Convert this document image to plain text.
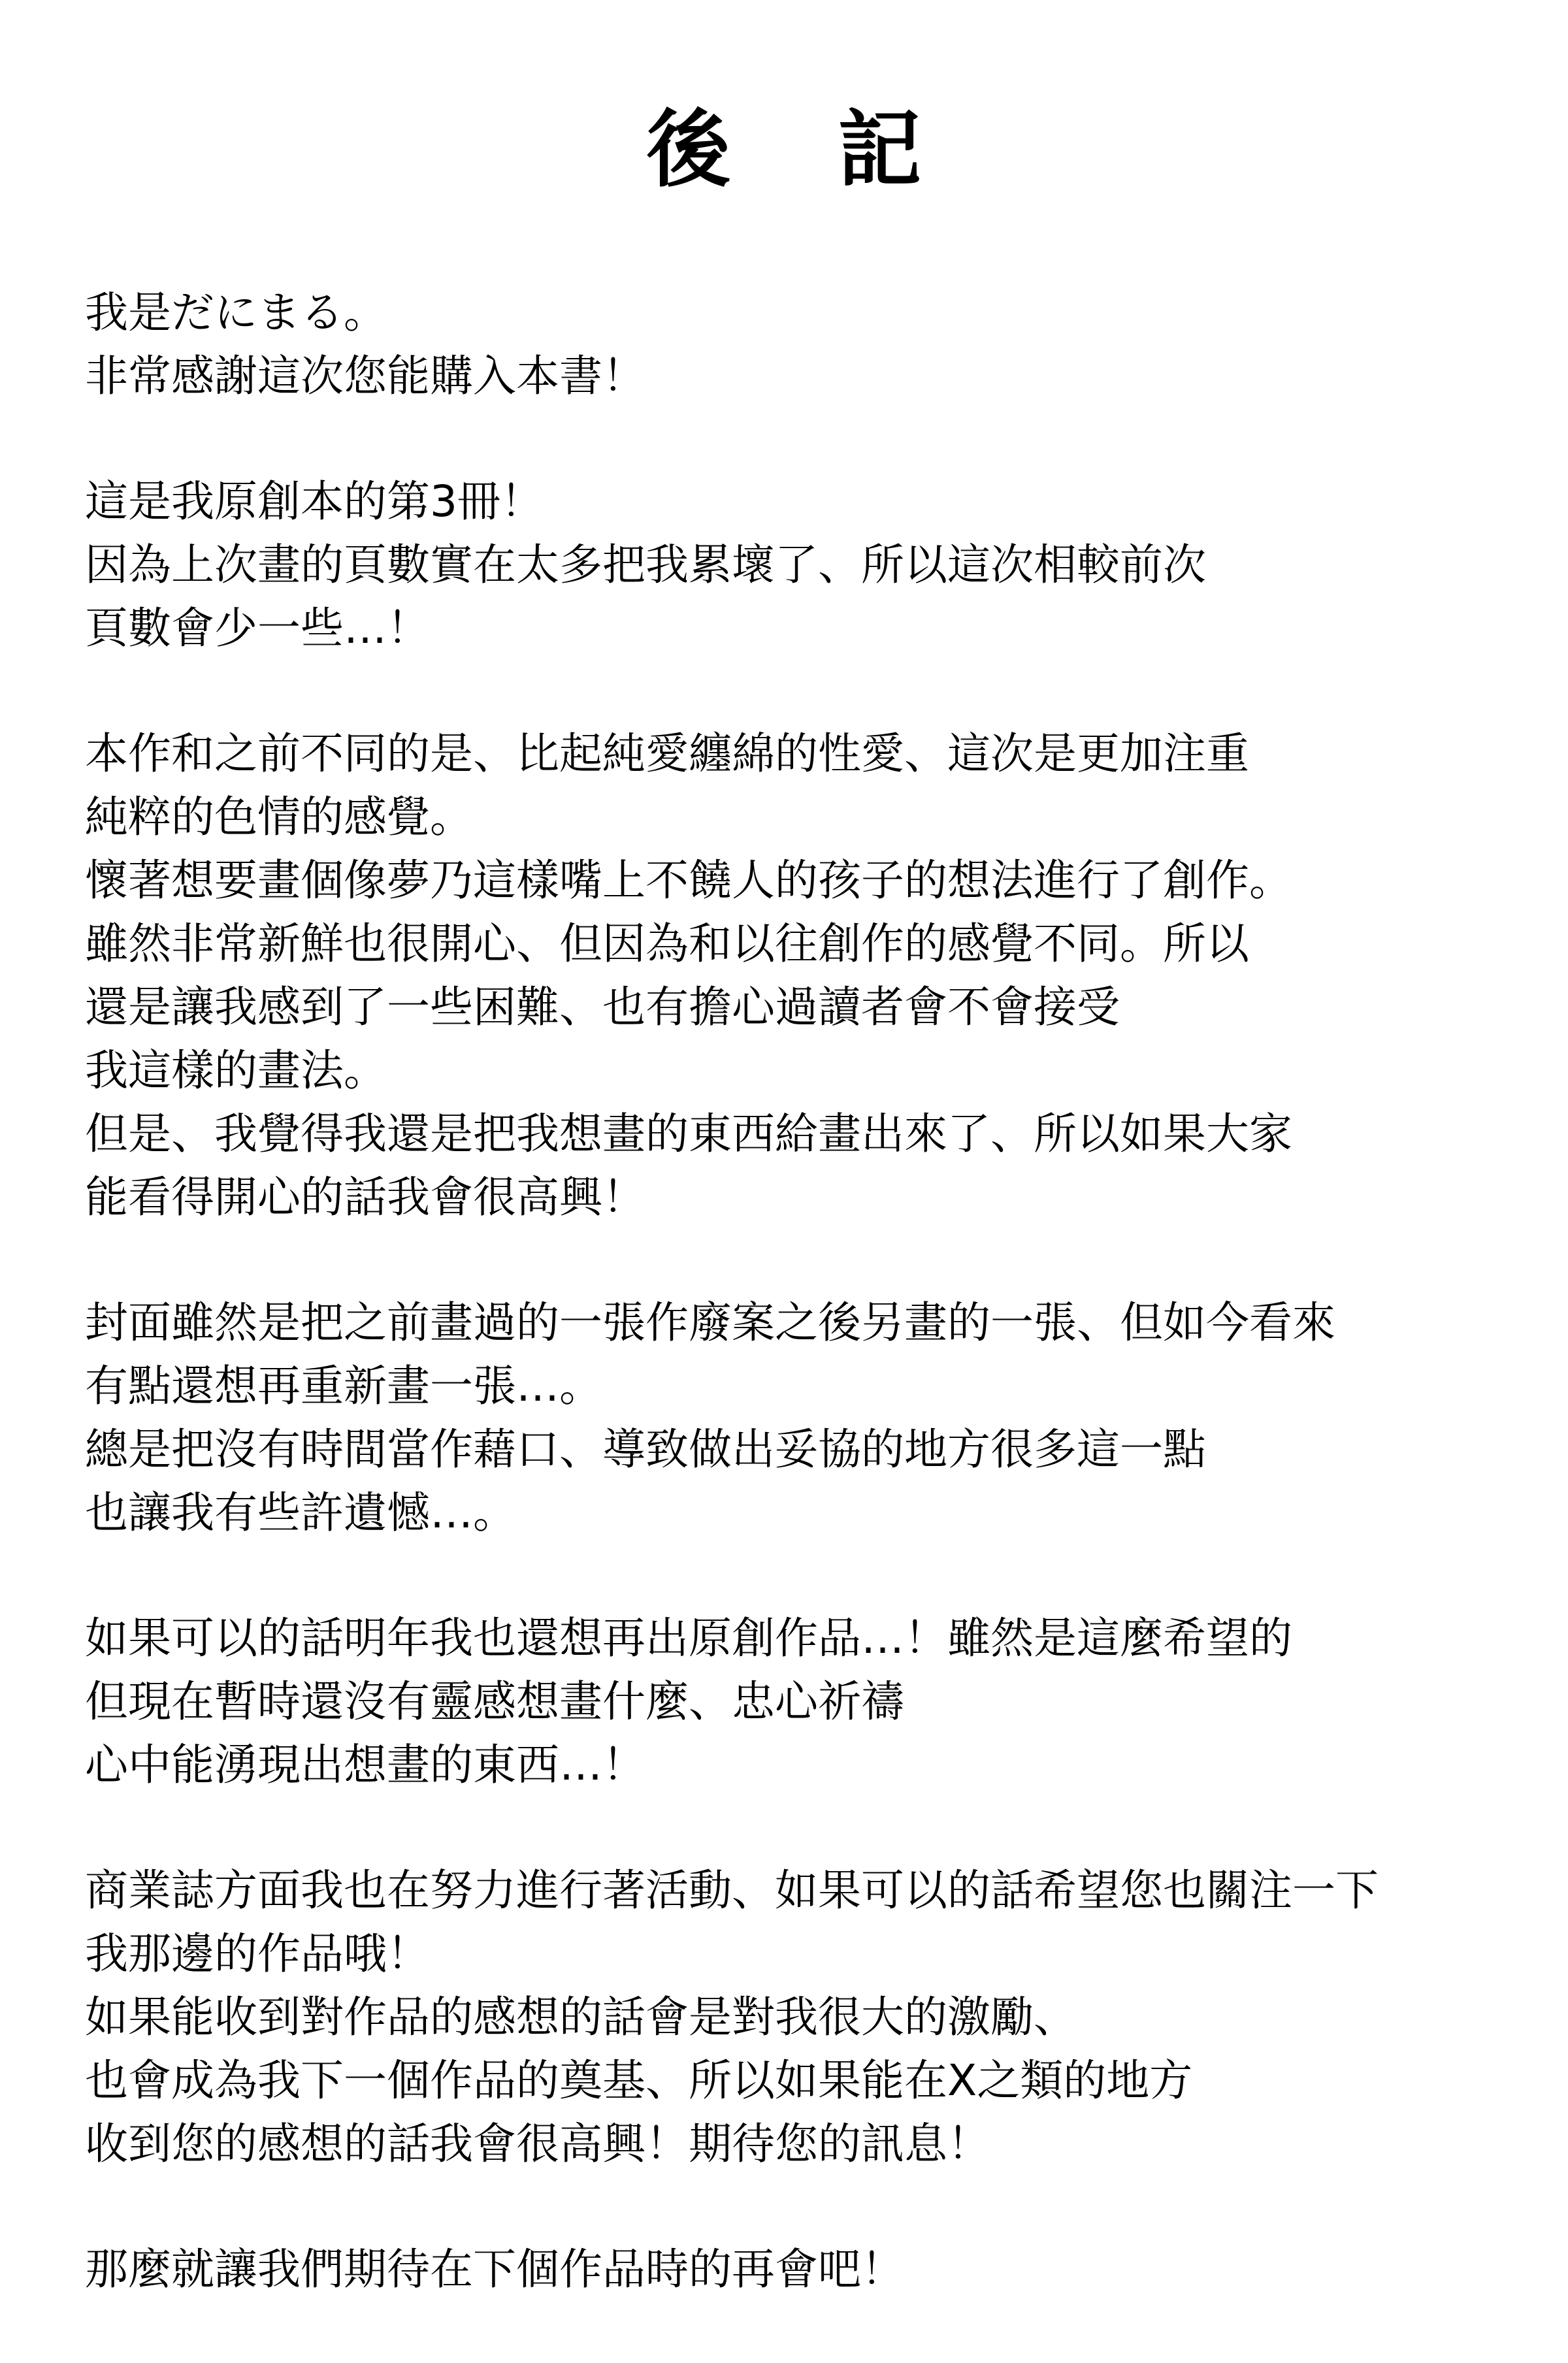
後 記
我是だにまる。
非常感謝這次您能購入本書！
這是我原創本的第3冊！
因為上次畫的頁數實在太多把我累壞了、所以這次相較前次
頁數會少一些…！
本作和之前不同的是、比起純愛纏綿的性愛、這次是更加注重
純粹的色情的感覺。
懷著想要畫個像夢乃這樣嘴上不饒人的孩子的想法進行了創作。
雖然非常新鮮也很開心、但因為和以往創作的感覺不同。所以
還是讓我感到了一些困難、也有擔心過讀者會不會接受
我這樣的畫法。
但是、我覺得我還是把我想畫的東西給畫出來了、所以如果大家
能看得開心的話我會很高興！
封面雖然是把之前畫過的一張作廢案之後另畫的一張、但如今看來
有點還想再重新畫一張…。
總是把沒有時間當作藉口、導致做出妥協的地方很多這一點
也讓我有些許遺憾…。
如果可以的話明年我也還想再出原創作品…！雖然是這麼希望的
但現在暫時還沒有靈感想畫什麼、忠心祈禱
心中能湧現出想畫的東西…！
商業誌方面我也在努力進行著活動、如果可以的話希望您也關注一下
我那邊的作品哦！
如果能收到對作品的感想的話會是對我很大的激勵、
也會成為我下一個作品的奠基、所以如果能在X之類的地方
收到您的感想的話我會很高興！期待您的訊息！
那麼就讓我們期待在下個作品時的再會吧！
